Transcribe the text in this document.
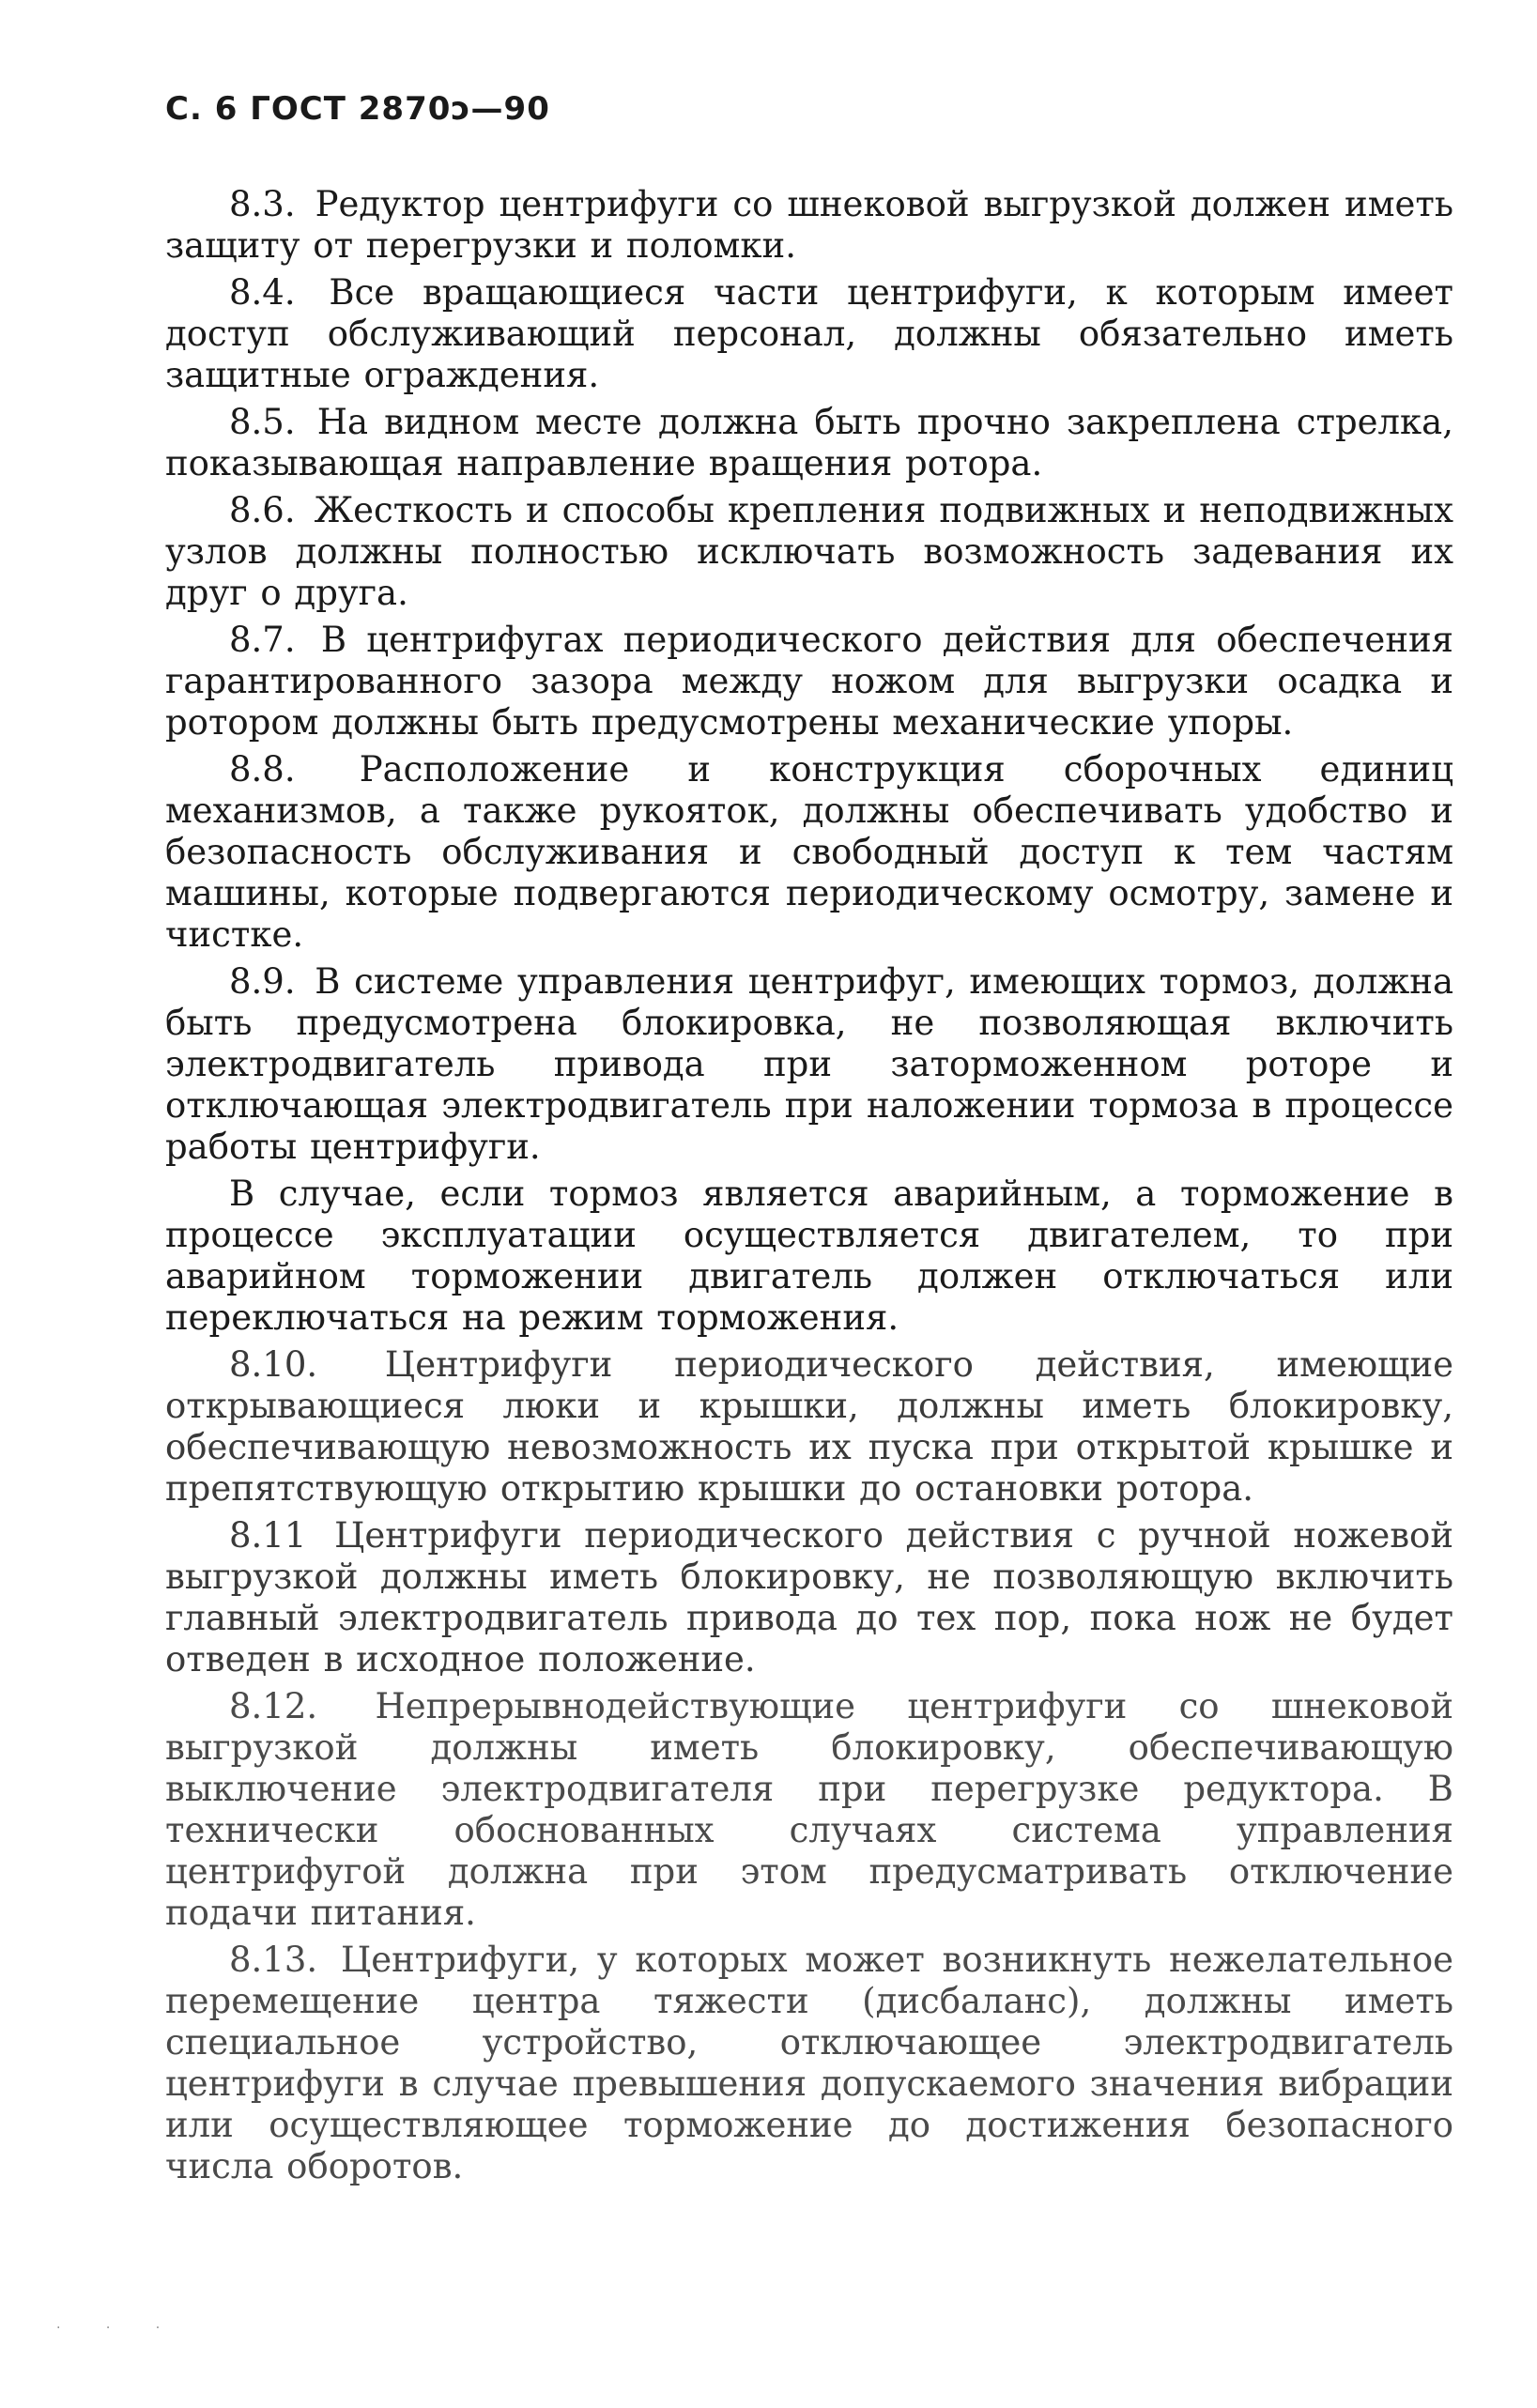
С. 6 ГОСТ 2870ɔ—90

8.3. Редуктор центрифуги со шнековой выгрузкой должен иметь защиту от перегрузки и поломки.

8.4. Все вращающиеся части центрифуги, к которым имеет доступ обслуживающий персонал, должны обязательно иметь защитные ограждения.

8.5. На видном месте должна быть прочно закреплена стрелка, показывающая направление вращения ротора.

8.6. Жесткость и способы крепления подвижных и неподвижных узлов должны полностью исключать возможность задевания их друг о друга.

8.7. В центрифугах периодического действия для обеспечения гарантированного зазора между ножом для выгрузки осадка и ротором должны быть предусмотрены механические упоры.

8.8. Расположение и конструкция сборочных единиц механизмов, а также рукояток, должны обеспечивать удобство и безопасность обслуживания и свободный доступ к тем частям машины, которые подвергаются периодическому осмотру, замене и чистке.

8.9. В системе управления центрифуг, имеющих тормоз, должна быть предусмотрена блокировка, не позволяющая включить электродвигатель привода при заторможенном роторе и отключающая электродвигатель при наложении тормоза в процессе работы центрифуги.

В случае, если тормоз является аварийным, а торможение в процессе эксплуатации осуществляется двигателем, то при аварийном торможении двигатель должен отключаться или переключаться на режим торможения.

8.10. Центрифуги периодического действия, имеющие открывающиеся люки и крышки, должны иметь блокировку, обеспечивающую невозможность их пуска при открытой крышке и препятствующую открытию крышки до остановки ротора.

8.11 Центрифуги периодического действия с ручной ножевой выгрузкой должны иметь блокировку, не позволяющую включить главный электродвигатель привода до тех пор, пока нож не будет отведен в исходное положение.

8.12. Непрерывнодействующие центрифуги со шнековой выгрузкой должны иметь блокировку, обеспечивающую выключение электродвигателя при перегрузке редуктора. В технически обоснованных случаях система управления центрифугой должна при этом предусматривать отключение подачи питания.

8.13. Центрифуги, у которых может возникнуть нежелательное перемещение центра тяжести (дисбаланс), должны иметь специальное устройство, отключающее электродвигатель центрифуги в случае превышения допускаемого значения вибрации или осуществляющее торможение до достижения безопасного числа оборотов.

· · ·
